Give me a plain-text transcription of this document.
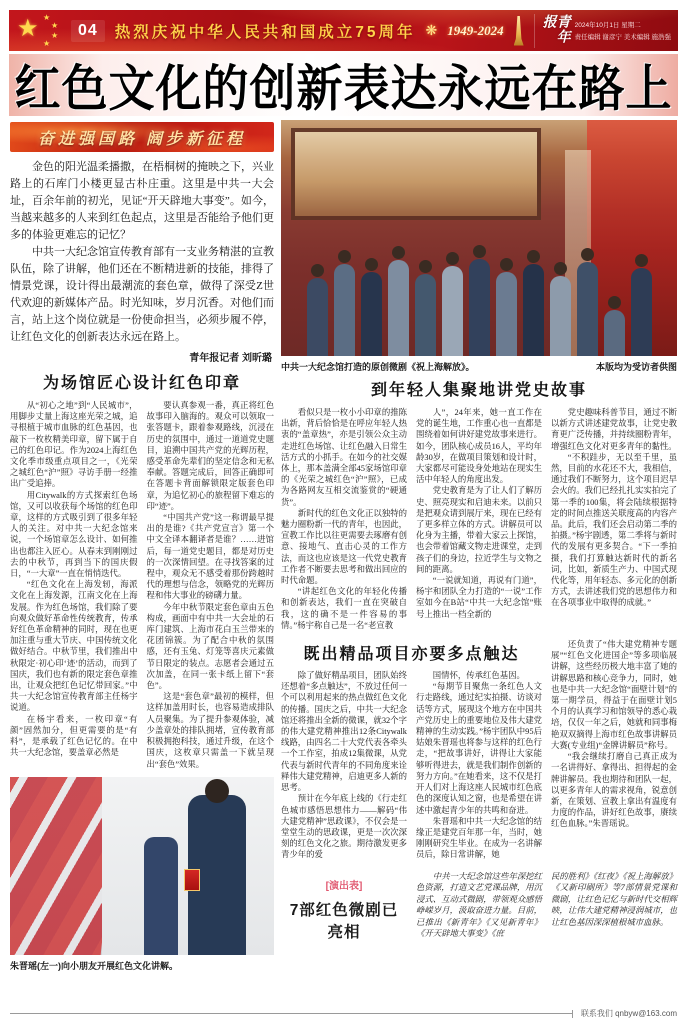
★ ★
★
★
★
04	热烈庆祝中华人民共和国成立75周年 ❋ 1949-2024	青年报	2024年10月1日 星期二
责任编辑 谢彦宁 美术编辑 施浩强
红色文化的创新表达永远在路上
奋进强国路 阔步新征程

金色的阳光温柔播撒，在梧桐树的掩映之下，兴业路上的石库门小楼更显古朴庄重。这里是中共一大会址，百余年前的初光，见证“开天辟地大事变”。如今，当越来越多的人来到红色起点，这里是否能给予他们更多的体验更难忘的记忆？

中共一大纪念馆宣传教育部有一支业务精湛的宣教队伍，除了讲解，他们还在不断精进新的技能，排得了情景党课，设计得出最潮流的套色章，做得了深受Z世代欢迎的新媒体产品。时光知味，岁月沉香。对他们而言，站上这个岗位就是一份使命担当，必须步履不停，让红色文化的创新表达永远在路上。

青年报记者 刘昕璐
为场馆匠心设计红色印章

从“初心之地”到“人民城市”，用脚步丈量上海这座光荣之城，追寻根植于城市血脉的红色基因，也敲下一枚枚精美印章，留下属于自己的红色印记。作为2024上海红色文化季市级重点项目之一，《光荣之城红色“沪”照》寻访手册一经推出广受追捧。

用Citywalk的方式探索红色场馆，又可以收获每个场馆的红色印章，这样的方式吸引到了很多年轻人的关注。对中共一大纪念馆来说，一个场馆章怎么设计、如何推出也都注入匠心。从春末到刚刚过去的中秋节，再到当下的国庆假日，“一大章”一直在悄悄迭代。

“红色文化在上海发轫，海派文化在上海发源，江南文化在上海发展。作为红色场馆，我们除了要向观众做好革命性传统教育，传承好红色革命精神的同时，现在也更加注重与重大节庆、中国传统文化做好结合。中秋节里，我们推出中秋限定·初心印‘迹’的活动，而到了国庆，我们也有新的限定套色章推出，让观众把红色记忆带回家。”中共一大纪念馆宣传教育部主任杨宇说道。

在杨宇看来，一枚印章“有颜”固然加分，但更需要的是“有料”，是承载了红色记忆的。在中共一大纪念馆，要盖章必然是

要认真参观一番，真正将红色故事印入脑海的。观众可以领取一张答题卡，跟着参观路线，沉浸在历史的氛围中，通过一道道党史题目，追溯中国共产党的光辉历程，感受革命先辈们的坚定信念和无私奉献。答题完成后，回答正确即可在答题卡背面解锁限定版套色印章，为追忆初心的旅程留下难忘的印“迹”。

“中国共产党”这一称谓最早提出的是谁?《共产党宣言》第一个中文全译本翻译者是谁？……进馆后，每一道党史题目，都是对历史的一次深情回望。在寻找答案的过程中，观众无不感受着那份跨越时代的理想与信念，领略党的光辉历程和伟大事业的磅礴力量。

今年中秋节限定套色章由五色构成，画面中有中共一大会址的石库门建筑、上海市花白玉兰带来的花团锦簇。为了配合中秋的氛围感，还有玉兔、灯笼等喜庆元素做节日限定的装点。志愿者会通过五次加盖，在同一张卡纸上留下“套色”。

这是“套色章”最初的模样，但这样加盖用时长，也容易造成排队人员聚集。为了提升参观体验，减少盖章处的排队拥堵，宣传教育部积极拥抱科技，通过升级，在这个国庆，这枚章只需盖一下就呈现出“套色”效果。

朱晋瑶(左一)向小朋友开展红色文化讲解。
中共一大纪念馆打造的原创微剧《祝上海解放》。	本版均为受访者供图
到年轻人集聚地讲党史故事

看似只是一枚小小印章的推陈出新，背后恰恰是在呼应年轻人热衷的“盖章热”，亦是引领公众主动走进红色场馆、让红色融入日常生活方式的小抓手。在如今的社交媒体上，那本盖满全部45家场馆印章的《光荣之城红色“沪”照》，已成为各路网友互相交流鉴赏的“硬通货”。

新时代的红色文化正以独特的魅力圈粉新一代的青年，也因此，宣教工作比以往更需要去琢磨有创意、接地气、直击心灵的工作方法，而这也应该是这一代党史教育工作者不断要去思考和做出回应的时代命题。

“讲起红色文化的年轻化传播和创新表达，我们一直在突破自我，这的确不是一件容易的事情。”杨宇称自己是一名“老宣教

人”，24年来，她一直工作在党的诞生地，工作重心也一直都是围绕着如何讲好建党故事来进行。如今，团队核心成员16人，平均年龄30岁，在做项目策划和设计时，大家都尽可能设身处地站在现实生活中年轻人的角度出发。

党史教育是为了让人们了解历史、照亮现实和启迪未来。以前只是把观众请到展厅来，现在已经有了更多样立体的方式。讲解员可以化身为主播，带着大家云上探馆，也会带着馆藏文物走进课堂，走到孩子们的身边，拉近学生与文物之间的距离。

“一说就知道，再说有门道”，杨宇和团队全力打造的“一说”工作室如今在B站“中共一大纪念馆”账号上推出一档全新的

党史趣味科普节目，通过不断以新方式讲述建党故事，让党史教育更广泛传播，并持续圈粉青年，增强红色文化对更多青年的黏性。

“不积跬步，无以至千里，虽然，目前的水花还不大，我相信，通过我们不断努力，这个项目迟早会火的。我们已经扎扎实实拍完了第一季的100集，将会陆续根据特定的时间点推送关联度高的内容产品。此后，我们还会启动第二季的拍摄。”杨宇剧透，第二季将与新时代的发展有更多契合。“下一季拍摄，我们打算触达新时代的新名词，比如，新质生产力、中国式现代化等，用年轻态、多元化的创新方式，去讲述我们党的思想伟力和在各项事业中取得的成就。”

既出精品项目亦要多点触达

除了做好精品项目，团队始终还想着“多点触达”，不放过任何一个可以利用起来的热点做红色文化的传播。国庆之后，中共一大纪念馆还将推出全新的微课，就32个字的伟大建党精神推出12条Citywalk线路，由四名二十大党代表各牵头一个工作室，拍成12集微课，从党代表与新时代青年的不同角度来诠释伟大建党精神，启迪更多人新的思考。

预计在今年底上线的《行走红色城市感悟思想伟力——解码“伟大建党精神”思政课》，不仅会是一堂堂生动的思政课，更是一次次深刻的红色文化之旅。期待激发更多青少年的爱

国情怀，传承红色基因。

“每期节目聚焦一条红色人文行走路线，通过纪实拍摄、访谈对话等方式，展现这个地方在中国共产党历史上的重要地位及伟大建党精神的生动实践。”杨宇团队中95后姑娘朱晋瑶也将参与这样的红色行走，“把故事讲好，讲得让大家能够听得进去，就是我们制作创新的努力方向。”在她看来，这不仅是打开人们对上海这座人民城市红色底色的深度认知之窗，也是希望在讲述中激起青少年的共鸣和奋进。

朱晋瑶和中共一大纪念馆的结缘正是建党百年那一年，当时，她刚刚研究生毕业。在成为一名讲解员后，除日常讲解，她

还负责了“伟大建党精神专题展”“红色文化进国企”等多项临展讲解，这些经历极大地丰富了她的讲解思路和核心竞争力，同时，她也是中共一大纪念馆“面壁计划”的第一期学员，得益于在面壁计划5个月的认真学习和馆领导的悉心栽培，仅仅一年之后，她就和同事梅艳双双摘得上海市红色故事讲解员大赛(专业组)“金牌讲解员”称号。

“我会继续打磨自己真正成为一名讲得好、拿得出、担得起的金牌讲解员。我也期待和团队一起，以更多青年人的需求视角，锐意创新，在策划、宣教上拿出有温度有力度的作品，讲好红色故事，赓续红色血脉。”朱晋瑶说。

[演出表]
7部红色微剧已亮相

中共一大纪念馆这些年深挖红色资源，打造文艺党课品牌，用沉浸式、互动式微剧，带领观众感悟峥嵘岁月，汲取奋进力量。目前，已推出《新青年》《又见新青年》《开天辟地大事变》《庶

民的胜利》《红夜》《祝上海解放》《又新印刷所》等7部情景党课和微剧，让红色记忆与新时代交相辉映，让伟大建党精神浸润城市，也让红色基因深深植根城市血脉。

联系我们 qnbyw@163.com
